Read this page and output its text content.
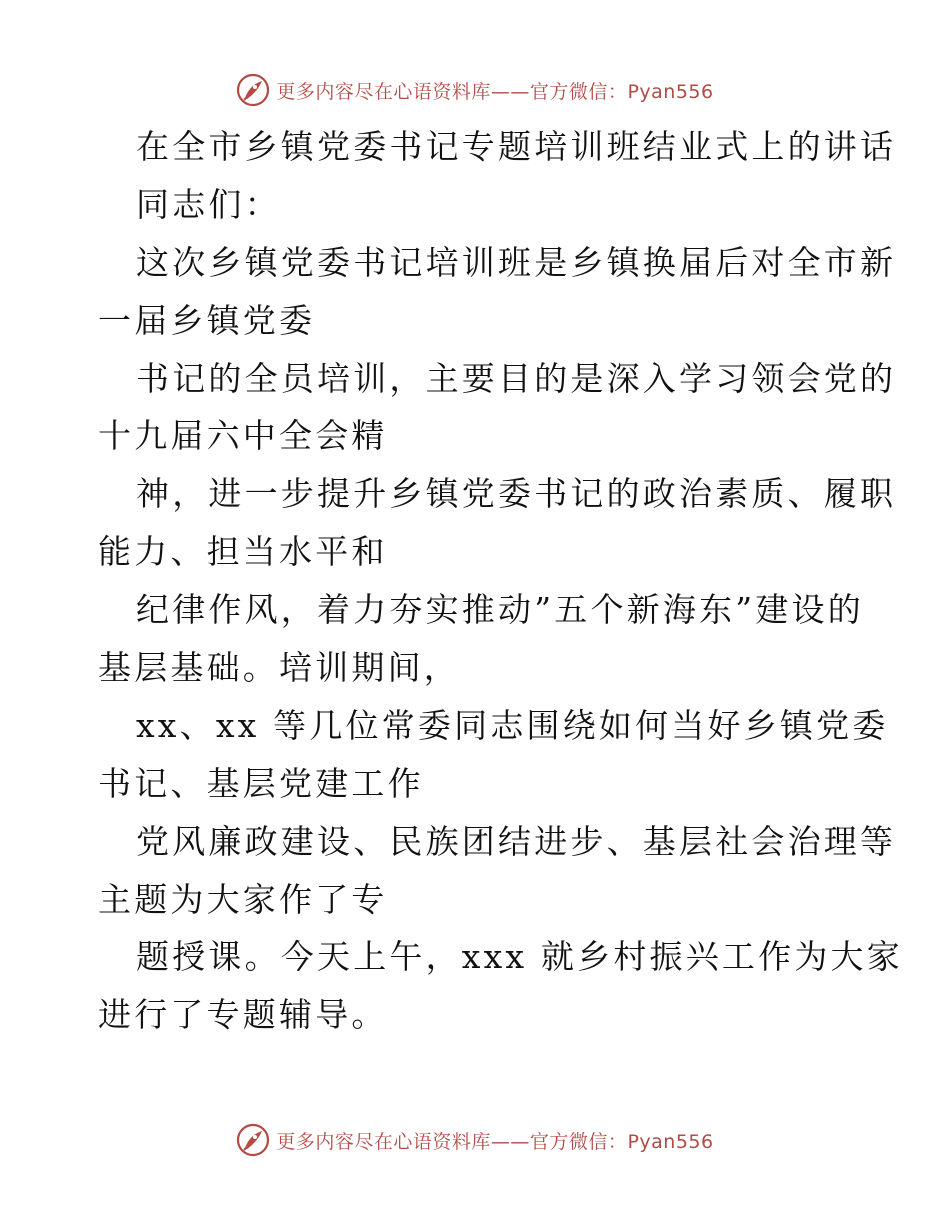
更多内容尽在心语资料库——官方微信：Pyan556
在全市乡镇党委书记专题培训班结业式上的讲话
同志们：
这次乡镇党委书记培训班是乡镇换届后对全市新
一届乡镇党委
书记的全员培训，主要目的是深入学习领会党的
十九届六中全会精
神，进一步提升乡镇党委书记的政治素质、履职
能力、担当水平和
纪律作风，着力夯实推动”五个新海东”建设的
基层基础。培训期间，
xx、xx 等几位常委同志围绕如何当好乡镇党委
书记、基层党建工作
党风廉政建设、民族团结进步、基层社会治理等
主题为大家作了专
题授课。今天上午，xxx 就乡村振兴工作为大家
进行了专题辅导。
更多内容尽在心语资料库——官方微信：Pyan556
